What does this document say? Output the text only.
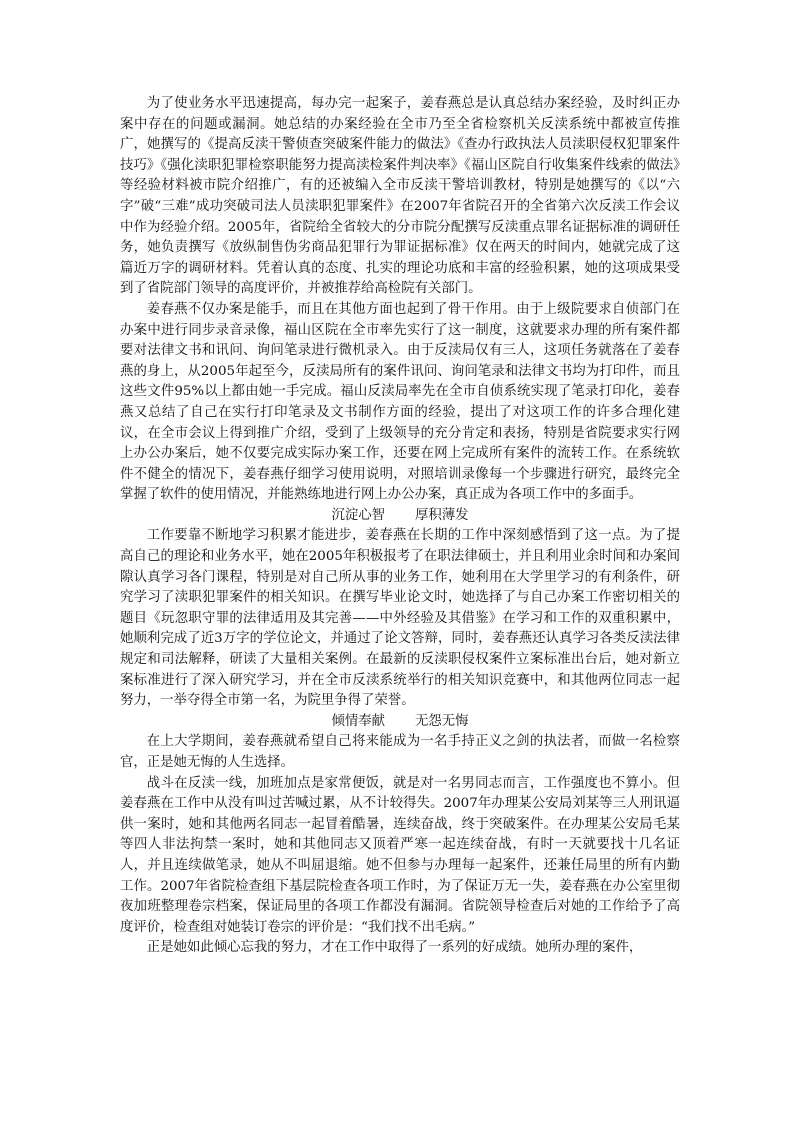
为了使业务水平迅速提高，每办完一起案子，姜春燕总是认真总结办案经验，及时纠正办案中存在的问题或漏洞。她总结的办案经验在全市乃至全省检察机关反渎系统中都被宣传推广，她撰写的《提高反渎干警侦查突破案件能力的做法》《查办行政执法人员渎职侵权犯罪案件技巧》《强化渎职犯罪检察职能努力提高渎检案件判决率》《福山区院自行收集案件线索的做法》等经验材料被市院介绍推广，有的还被编入全市反渎干警培训教材，特别是她撰写的《以“六字”破“三难”成功突破司法人员渎职犯罪案件》在2007年省院召开的全省第六次反渎工作会议中作为经验介绍。2005年，省院给全省较大的分市院分配撰写反渎重点罪名证据标准的调研任务，她负责撰写《放纵制售伪劣商品犯罪行为罪证据标准》仅在两天的时间内，她就完成了这篇近万字的调研材料。凭着认真的态度、扎实的理论功底和丰富的经验积累，她的这项成果受到了省院部门领导的高度评价，并被推荐给高检院有关部门。

姜春燕不仅办案是能手，而且在其他方面也起到了骨干作用。由于上级院要求自侦部门在办案中进行同步录音录像，福山区院在全市率先实行了这一制度，这就要求办理的所有案件都要对法律文书和讯问、询问笔录进行微机录入。由于反渎局仅有三人，这项任务就落在了姜春燕的身上，从2005年起至今，反渎局所有的案件讯问、询问笔录和法律文书均为打印件，而且这些文件95%以上都由她一手完成。福山反渎局率先在全市自侦系统实现了笔录打印化，姜春燕又总结了自己在实行打印笔录及文书制作方面的经验，提出了对这项工作的许多合理化建议，在全市会议上得到推广介绍，受到了上级领导的充分肯定和表扬，特别是省院要求实行网上办公办案后，她不仅要完成实际办案工作，还要在网上完成所有案件的流转工作。在系统软件不健全的情况下，姜春燕仔细学习使用说明，对照培训录像每一个步骤进行研究，最终完全掌握了软件的使用情况，并能熟练地进行网上办公办案，真正成为各项工作中的多面手。

沉淀心智 厚积薄发

工作要靠不断地学习积累才能进步，姜春燕在长期的工作中深刻感悟到了这一点。为了提高自己的理论和业务水平，她在2005年积极报考了在职法律硕士，并且利用业余时间和办案间隙认真学习各门课程，特别是对自己所从事的业务工作，她利用在大学里学习的有利条件，研究学习了渎职犯罪案件的相关知识。在撰写毕业论文时，她选择了与自己办案工作密切相关的题目《玩忽职守罪的法律适用及其完善——中外经验及其借鉴》在学习和工作的双重积累中，她顺利完成了近3万字的学位论文，并通过了论文答辩，同时，姜春燕还认真学习各类反渎法律规定和司法解释，研读了大量相关案例。在最新的反渎职侵权案件立案标准出台后，她对新立案标准进行了深入研究学习，并在全市反渎系统举行的相关知识竞赛中，和其他两位同志一起努力，一举夺得全市第一名，为院里争得了荣誉。

倾情奉献 无怨无悔

在上大学期间，姜春燕就希望自己将来能成为一名手持正义之剑的执法者，而做一名检察官，正是她无悔的人生选择。

战斗在反渎一线，加班加点是家常便饭，就是对一名男同志而言，工作强度也不算小。但姜春燕在工作中从没有叫过苦喊过累，从不计较得失。2007年办理某公安局刘某等三人刑讯逼供一案时，她和其他两名同志一起冒着酷暑，连续奋战，终于突破案件。在办理某公安局毛某等四人非法拘禁一案时，她和其他同志又顶着严寒一起连续奋战，有时一天就要找十几名证人，并且连续做笔录，她从不叫屈退缩。她不但参与办理每一起案件，还兼任局里的所有内勤工作。2007年省院检查组下基层院检查各项工作时，为了保证万无一失，姜春燕在办公室里彻夜加班整理卷宗档案，保证局里的各项工作都没有漏洞。省院领导检查后对她的工作给予了高度评价，检查组对她装订卷宗的评价是：“我们找不出毛病。”

正是她如此倾心忘我的努力，才在工作中取得了一系列的好成绩。她所办理的案件，
